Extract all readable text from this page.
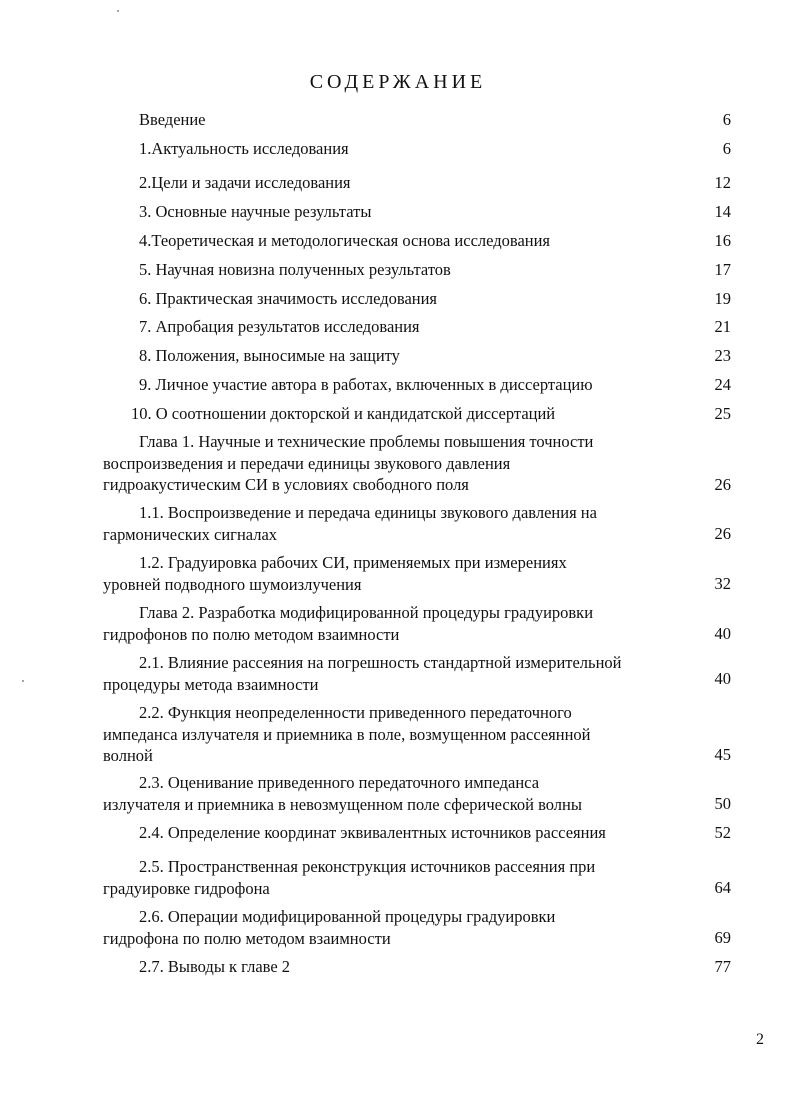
СОДЕРЖАНИЕ
Введение	6
1.Актуальность исследования	6
2.Цели и задачи исследования	12
3. Основные научные результаты	14
4.Теоретическая и методологическая основа исследования	16
5. Научная новизна полученных результатов	17
6. Практическая значимость исследования	19
7. Апробация результатов исследования	21
8. Положения, выносимые на защиту	23
9. Личное участие автора в работах, включенных в диссертацию	24
10. О соотношении докторской и кандидатской диссертаций	25
Глава 1. Научные и технические проблемы повышения точности
воспроизведения и передачи единицы звукового давления
гидроакустическим СИ в условиях свободного поля	26
1.1. Воспроизведение и передача единицы звукового давления на
гармонических сигналах	26
1.2. Градуировка рабочих СИ, применяемых при измерениях
уровней подводного шумоизлучения	32
Глава 2. Разработка модифицированной процедуры градуировки
гидрофонов по полю методом взаимности	40
2.1. Влияние рассеяния на погрешность стандартной измерительной
процедуры метода взаимности	40
2.2. Функция неопределенности приведенного передаточного
импеданса излучателя и приемника в поле, возмущенном рассеянной
волной	45
2.3. Оценивание приведенного передаточного импеданса
излучателя и приемника в невозмущенном поле сферической волны	50
2.4. Определение координат эквивалентных источников рассеяния	52
2.5. Пространственная реконструкция источников рассеяния при
градуировке гидрофона	64
2.6. Операции модифицированной процедуры градуировки
гидрофона по полю методом взаимности	69
2.7. Выводы к главе 2	77
2
